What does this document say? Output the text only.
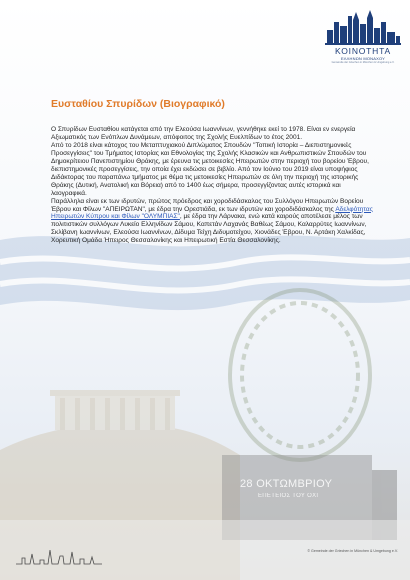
28 ΟΚΤΩΜΒΡΙΟΥ
ΕΠΕΤΕΙΟΣ ΤΟΥ ΟΧΙ
ΚΟΙΝΟΤΗΤΑ
ΕΛΛΗΝΩΝ ΜΟΝΑΧΟΥ
Gemeinde der Griechen in München & Umgebung e.V.
Ευσταθίου Σπυρίδων (Βιογραφικό)

Ο Σπυρίδων Ευσταθίου κατάγεται από την Ελεούσα Ιωαννίνων, γεννήθηκε εκεί το 1978. Είναι εν ενεργεία Αξιωματικός των Ενόπλων Δυνάμεων, απόφοιτος της Σχολής Ευελπίδων το έτος 2001.

Από το 2018 είναι κάτοχος του Μεταπτυχιακού Διπλώματος Σπουδών "Τοπική Ιστορία – Διεπιστημονικές Προσεγγίσεις" του Τμήματος Ιστορίας και Εθνολογίας της Σχολής Κλασικών και Ανθρωπιστικών Σπουδών του Δημοκρίτειου Πανεπιστημίου Θράκης, με έρευνα τις μετοικεσίες Ηπειρωτών στην περιοχή του βορείου Έβρου, διεπιστημονικές προσεγγίσεις, την οποία έχει εκδώσει σε βιβλίο. Από τον Ιούνιο του 2019 είναι υποψήφιος Διδάκτορας του παραπάνω τμήματος με θέμα τις μετοικεσίες Ηπειρωτών σε όλη την περιοχή της ιστορικής Θράκης (Δυτική, Ανατολική και Βόρεια) από το 1400 έως σήμερα, προσεγγίζοντας αυτές ιστορικά και λαογραφικά.

Παράλληλα είναι εκ των ιδρυτών, πρώτος πρόεδρος και χοροδιδάσκαλος του Συλλόγου Ηπειρωτών Βορείου Έβρου και Φίλων "ΑΠΕΙΡΩΤΑΝ", με έδρα την Ορεστιάδα, εκ των ιδρυτών και χοροδιδάσκαλος της Αδελφότητας Ηπειρωτών Κύπρου και Φίλων "ΟΛΥΜΠΙΑΣ", με έδρα την Λάρνακα, ενώ κατά καιρούς αποτέλεσε μέλος των πολιτιστικών συλλόγων Λυκείο Ελληνίδων Σάμου, Καπετάν Λαχανάς Βαθέως Σάμου, Καλαρρύτες Ιωαννίνων, Σκλίβανη Ιωαννίνων, Ελεούσα Ιωαννίνων, Δίδυμα Τείχη Διδυμοτείχου, Χιονάδες Έβρου, Ν. Αρτάκη Χαλκίδας, Χορευτική Ομάδα Ήπειρος Θεσσαλονίκης και Ηπειρωτική Εστία Θεσσαλονίκης.

© Gemeinde der Griechen in München & Umgebung e.V.
